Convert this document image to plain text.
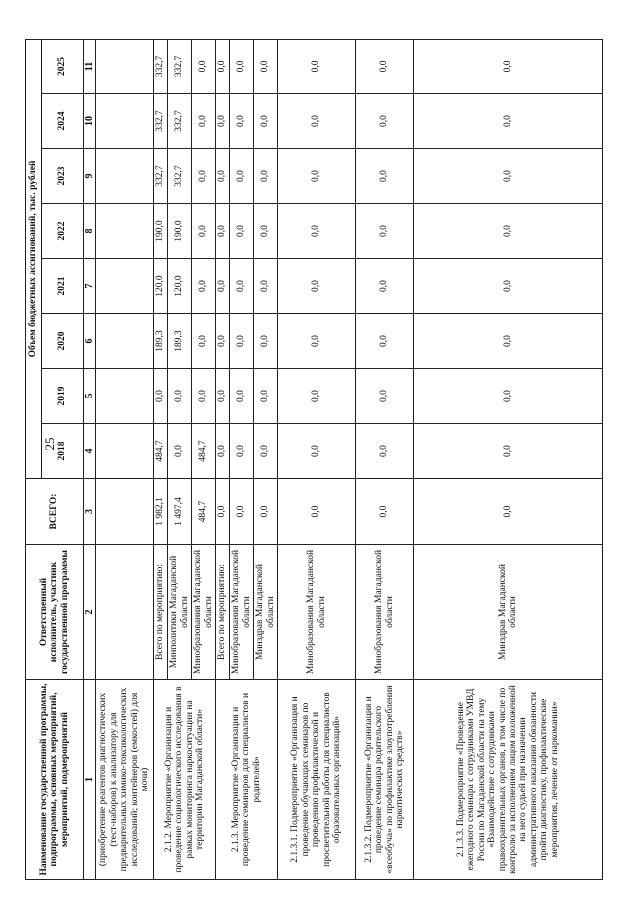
25
Наименование государственной программы, подпрограммы, основных мероприятий, мероприятий, подмероприятий	Ответственный исполнитель, участник государственной программы	ВСЕГО:	Объем бюджетных ассигнований, тыс. рублей							
			2018	2019	2020	2021	2022	2023	2024	2025
1	2	3	4	5	6	7	8	9	10	11
(приобретение реагентов диагностических (тест-наборов) к анализатору для предварительных химико-токсикологических исследований; контейнеров (емкостей) для мочи)										
2.1.2. Мероприятие «Организация и проведение социологического исследования в рамках мониторинга наркоситуации на территории Магаданской области»	Всего по мероприятию:	1 982,1	484,7	0,0	189,3	120,0	190,0	332,7	332,7	332,7
	Минполитики Магаданской области	1 497,4	0,0	0,0	189,3	120,0	190,0	332,7	332,7	332,7
	Минобразования Магаданской области	484,7	484,7	0,0	0,0	0,0	0,0	0,0	0,0	0,0
2.1.3. Мероприятие «Организация и проведение семинаров для специалистов и родителей»	Всего по мероприятию:	0,0	0,0	0,0	0,0	0,0	0,0	0,0	0,0	0,0
	Минобразования Магаданской области	0,0	0,0	0,0	0,0	0,0	0,0	0,0	0,0	0,0
	Минздрав Магаданской области	0,0	0,0	0,0	0,0	0,0	0,0	0,0	0,0	0,0
2.1.3.1. Подмероприятие «Организация и проведение обучающих семинаров по проведению профилактической и просветительной работы для специалистов образовательных организаций»	Минобразования Магаданской области	0,0	0,0	0,0	0,0	0,0	0,0	0,0	0,0	0,0
2.1.3.2. Подмероприятие «Организация и проведение семинара родительского «всеобуча» по профилактике злоупотребления наркотических средств»	Минобразования Магаданской области	0,0	0,0	0,0	0,0	0,0	0,0	0,0	0,0	0,0
2.1.3.3. Подмероприятие «Проведение ежегодного семинара с сотрудниками УМВД России по Магаданской области на тему «Взаимодействие с сотрудниками правоохранительных органов, в том числе по контролю за исполнением лицом возложенной на него судьей при назначении административного наказания обязанности пройти диагностику, профилактические мероприятия, лечение от наркомании»	Минздрав Магаданской области	0,0	0,0	0,0	0,0	0,0	0,0	0,0	0,0	0,0
